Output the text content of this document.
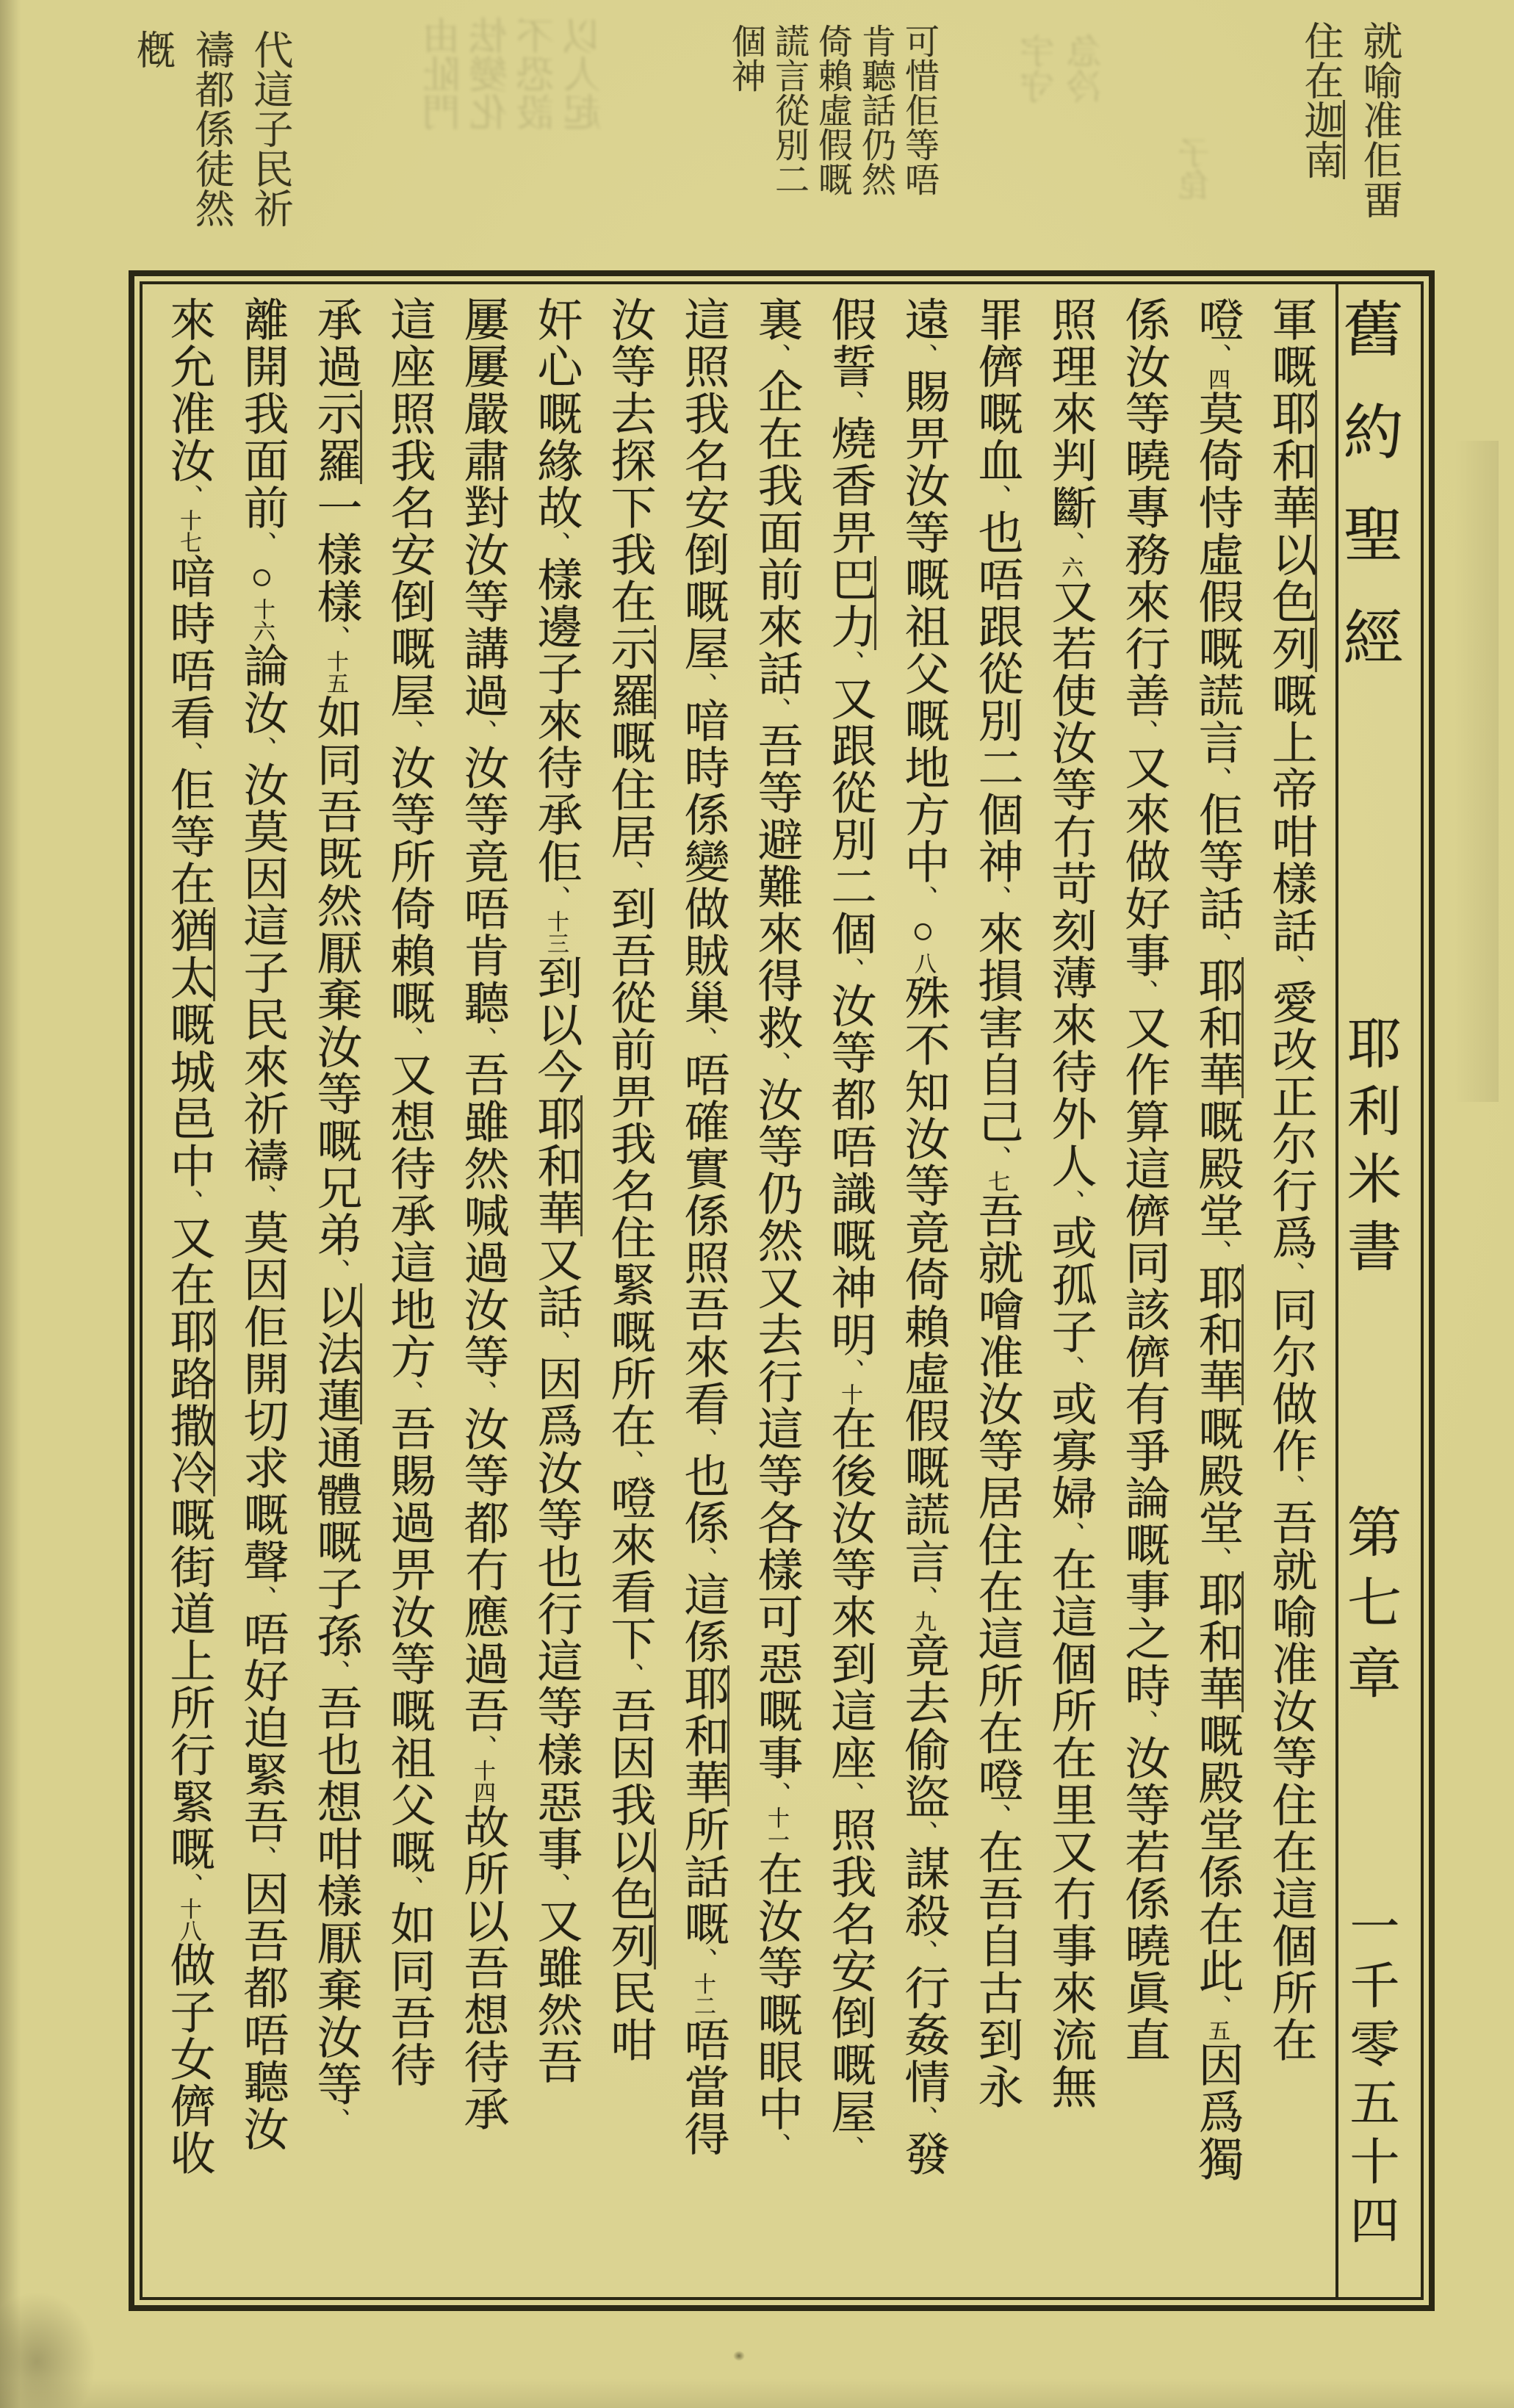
就喻准佢畱
住在迦南
可惜佢等唔
肯聽話仍然
倚賴虛假嘅
謊言從別二
個神
代這子民祈
禱都係徒然
槪	由阯門 怯變化 不恐設 以人起	宇守 急冷
子㲋
舊約聖經
耶利米書
第七章
一千零五十四
軍嘅耶和華以色列嘅上帝咁樣話、愛改正尔行爲、同尔做作、吾就喻准汝等住在這個所在
噔、四莫倚恃虛假嘅謊言、佢等話、耶和華嘅殿堂、耶和華嘅殿堂、耶和華嘅殿堂係在此、五因爲獨
係汝等曉專務來行善、又來做好事、又作算這儕同該儕有爭論嘅事之時、汝等若係曉眞直
照理來判斷、六又若使汝等冇苛刻薄來待外人、或孤子、或寡婦、在這個所在里又冇事來流無
罪儕嘅血、也唔跟從別二個神、來損害自己、七吾就噲准汝等居住在這所在噔、在吾自古到永
遠、賜畀汝等嘅祖父嘅地方中、○八殊不知汝等竟倚賴虛假嘅謊言、九竟去偷盜、謀殺、行姦情、發
假誓、燒香畀巴力、又跟從別二個、汝等都唔識嘅神明、十在後汝等來到這座、照我名安倒嘅屋、
裏、企在我面前來話、吾等避難來得救、汝等仍然又去行這等各樣可惡嘅事、十一在汝等嘅眼中、
這照我名安倒嘅屋、喑時係變做賊巢、唔確實係照吾來看、也係、這係耶和華所話嘅、十二唔當得
汝等去探下我在示羅嘅住居、到吾從前畀我名住緊嘅所在、噔來看下、吾因我以色列民咁
奸心嘅緣故、樣邊子來待承佢、十三到以今耶和華又話、因爲汝等也行這等樣惡事、又雖然吾
屢屢嚴肅對汝等講過、汝等竟唔肯聽、吾雖然喊過汝等、汝等都冇應過吾、十四故所以吾想待承
這座照我名安倒嘅屋、汝等所倚賴嘅、又想待承這地方、吾賜過畀汝等嘅祖父嘅、如同吾待
承過示羅一樣樣、十五如同吾既然厭棄汝等嘅兄弟、以法蓮通體嘅子孫、吾也想咁樣厭棄汝等、
離開我面前、○十六論汝、汝莫因這子民來祈禱、莫因佢開切求嘅聲、唔好迫緊吾、因吾都唔聽汝
來允准汝、十七喑時唔看、佢等在猶太嘅城邑中、又在耶路撒冷嘅街道上所行緊嘅、十八做子女儕收
